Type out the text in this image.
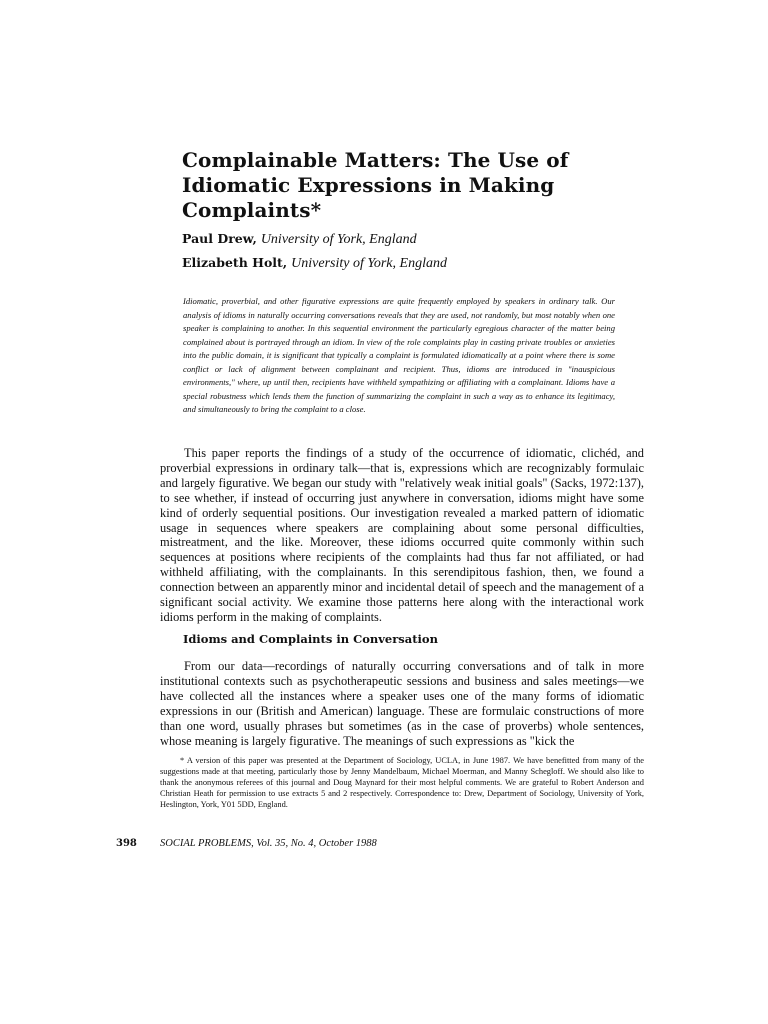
Complainable Matters: The Use of Idiomatic Expressions in Making Complaints*
Paul Drew, University of York, England
Elizabeth Holt, University of York, England

Idiomatic, proverbial, and other figurative expressions are quite frequently employed by speakers in ordinary talk. Our analysis of idioms in naturally occurring conversations reveals that they are used, not randomly, but most notably when one speaker is complaining to another. In this sequential environment the particularly egregious character of the matter being complained about is portrayed through an idiom. In view of the role complaints play in casting private troubles or anxieties into the public domain, it is significant that typically a complaint is formulated idiomatically at a point where there is some conflict or lack of alignment between complainant and recipient. Thus, idioms are introduced in "inauspicious environments," where, up until then, recipients have withheld sympathizing or affiliating with a complainant. Idioms have a special robustness which lends them the function of summarizing the complaint in such a way as to enhance its legitimacy, and simultaneously to bring the complaint to a close.

This paper reports the findings of a study of the occurrence of idiomatic, clichéd, and proverbial expressions in ordinary talk—that is, expressions which are recognizably formulaic and largely figurative. We began our study with "relatively weak initial goals" (Sacks, 1972:137), to see whether, if instead of occurring just anywhere in conversation, idioms might have some kind of orderly sequential positions. Our investigation revealed a marked pattern of idiomatic usage in sequences where speakers are complaining about some personal difficulties, mistreatment, and the like. Moreover, these idioms occurred quite commonly within such sequences at positions where recipients of the complaints had thus far not affiliated, or had withheld affiliating, with the complainants. In this serendipitous fashion, then, we found a connection between an apparently minor and incidental detail of speech and the management of a significant social activity. We examine those patterns here along with the interactional work idioms perform in the making of complaints.

Idioms and Complaints in Conversation

From our data—recordings of naturally occurring conversations and of talk in more institutional contexts such as psychotherapeutic sessions and business and sales meetings—we have collected all the instances where a speaker uses one of the many forms of idiomatic expressions in our (British and American) language. These are formulaic constructions of more than one word, usually phrases but sometimes (as in the case of proverbs) whole sentences, whose meaning is largely figurative. The meanings of such expressions as "kick the

* A version of this paper was presented at the Department of Sociology, UCLA, in June 1987. We have benefitted from many of the suggestions made at that meeting, particularly those by Jenny Mandelbaum, Michael Moerman, and Manny Schegloff. We should also like to thank the anonymous referees of this journal and Doug Maynard for their most helpful comments. We are grateful to Robert Anderson and Christian Heath for permission to use extracts 5 and 2 respectively. Correspondence to: Drew, Department of Sociology, University of York, Heslington, York, Y01 5DD, England.

398 SOCIAL PROBLEMS, Vol. 35, No. 4, October 1988
